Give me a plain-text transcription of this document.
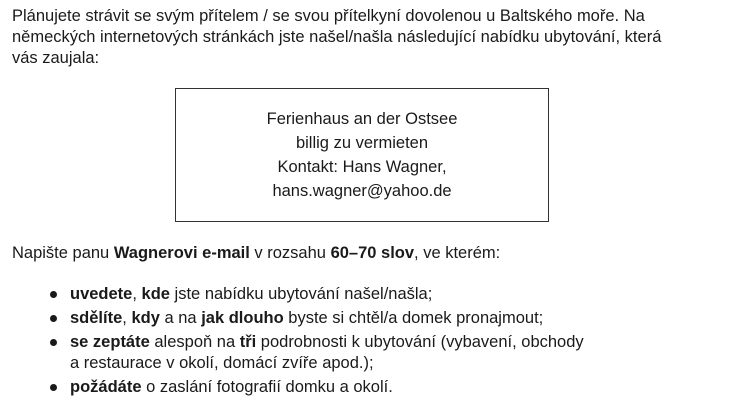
Plánujete strávit se svým přítelem / se svou přítelkyní dovolenou u Baltského moře. Na
německých internetových stránkách jste našel/našla následující nabídku ubytování, která
vás zaujala:

Ferienhaus an der Ostsee
billig zu vermieten
Kontakt: Hans Wagner,
hans.wagner@yahoo.de

Napište panu Wagnerovi e-mail v rozsahu 60–70 slov, ve kterém:

uvedete, kde jste nabídku ubytování našel/našla;
sdělíte, kdy a na jak dlouho byste si chtěl/a domek pronajmout;
se zeptáte alespoň na tři podrobnosti k ubytování (vybavení, obchody
a restaurace v okolí, domácí zvíře apod.);
požádáte o zaslání fotografií domku a okolí.
